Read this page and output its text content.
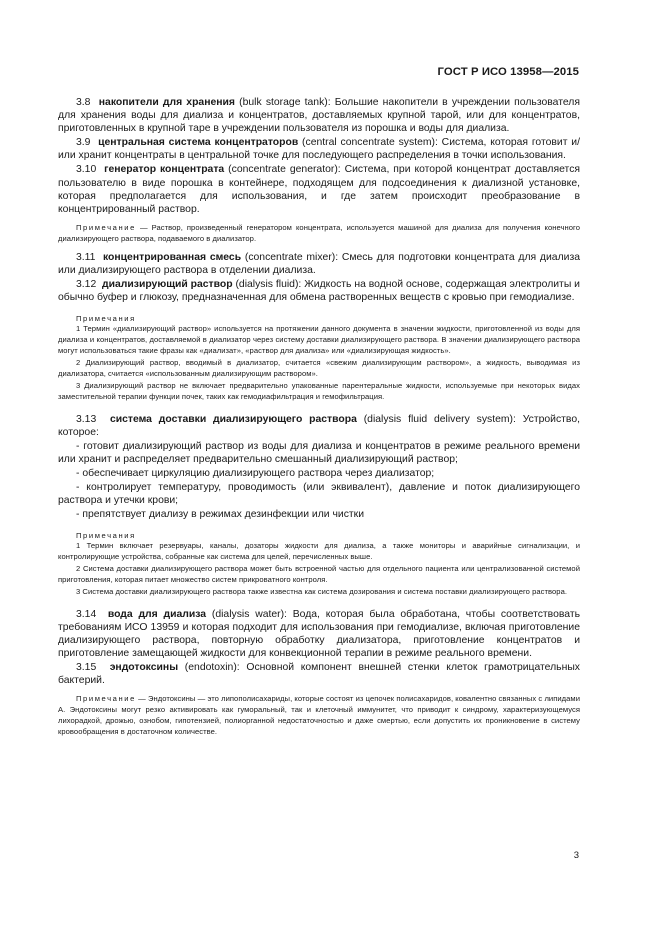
ГОСТ Р ИСО 13958—2015

3.8 накопители для хранения (bulk storage tank): Большие накопители в учреждении пользователя для хранения воды для диализа и концентратов, доставляемых крупной тарой, или для концентратов, приготовленных в крупной таре в учреждении пользователя из порошка и воды для диализа.

3.9 центральная система концентраторов (central concentrate system): Система, которая готовит и/или хранит концентраты в центральной точке для последующего распределения в точки использования.

3.10 генератор концентрата (concentrate generator): Система, при которой концентрат доставляется пользователю в виде порошка в контейнере, подходящем для подсоединения к диализной установке, которая предполагается для использования, и где затем происходит преобразование в концентрированный раствор.

Примечание — Раствор, произведенный генератором концентрата, используется машиной для диализа для получения конечного диализирующего раствора, подаваемого в диализатор.

3.11 концентрированная смесь (concentrate mixer): Смесь для подготовки концентрата для диализа или диализирующего раствора в отделении диализа.

3.12 диализирующий раствор (dialysis fluid): Жидкость на водной основе, содержащая электролиты и обычно буфер и глюкозу, предназначенная для обмена растворенных веществ с кровью при гемодиализе.

Примечания

1 Термин «диализирующий раствор» используется на протяжении данного документа в значении жидкости, приготовленной из воды для диализа и концентратов, доставляемой в диализатор через систему доставки диализирующего раствора. В значении диализирующего раствора могут использоваться такие фразы как «диализат», «раствор для диализа» или «диализирующая жидкость».

2 Диализирующий раствор, вводимый в диализатор, считается «свежим диализирующим раствором», а жидкость, выводимая из диализатора, считается «использованным диализирующим раствором».

3 Диализирующий раствор не включает предварительно упакованные парентеральные жидкости, используемые при некоторых видах заместительной терапии функции почек, таких как гемодиафильтрация и гемофильтрация.

3.13 система доставки диализирующего раствора (dialysis fluid delivery system): Устройство, которое:

- готовит диализирующий раствор из воды для диализа и концентратов в режиме реального времени или хранит и распределяет предварительно смешанный диализирующий раствор;

- обеспечивает циркуляцию диализирующего раствора через диализатор;

- контролирует температуру, проводимость (или эквивалент), давление и поток диализирующего раствора и утечки крови;

- препятствует диализу в режимах дезинфекции или чистки

Примечания

1 Термин включает резервуары, каналы, дозаторы жидкости для диализа, а также мониторы и аварийные сигнализации, и контролирующие устройства, собранные как система для целей, перечисленных выше.

2 Система доставки диализирующего раствора может быть встроенной частью для отдельного пациента или централизованной системой приготовления, которая питает множество систем прикроватного контроля.

3 Система доставки диализирующего раствора также известна как система дозирования и система поставки диализирующего раствора.

3.14 вода для диализа (dialysis water): Вода, которая была обработана, чтобы соответствовать требованиям ИСО 13959 и которая подходит для использования при гемодиализе, включая приготовление диализирующего раствора, повторную обработку диализатора, приготовление концентратов и приготовление замещающей жидкости для конвекционной терапии в режиме реального времени.

3.15 эндотоксины (endotoxin): Основной компонент внешней стенки клеток грамотрицательных бактерий.

Примечание — Эндотоксины — это липополисахариды, которые состоят из цепочек полисахаридов, ковалентно связанных с липидами A. Эндотоксины могут резко активировать как гуморальный, так и клеточный иммунитет, что приводит к синдрому, характеризующемуся лихорадкой, дрожью, ознобом, гипотензией, полиорганной недостаточностью и даже смертью, если допустить их проникновение в систему кровообращения в достаточном количестве.

3
